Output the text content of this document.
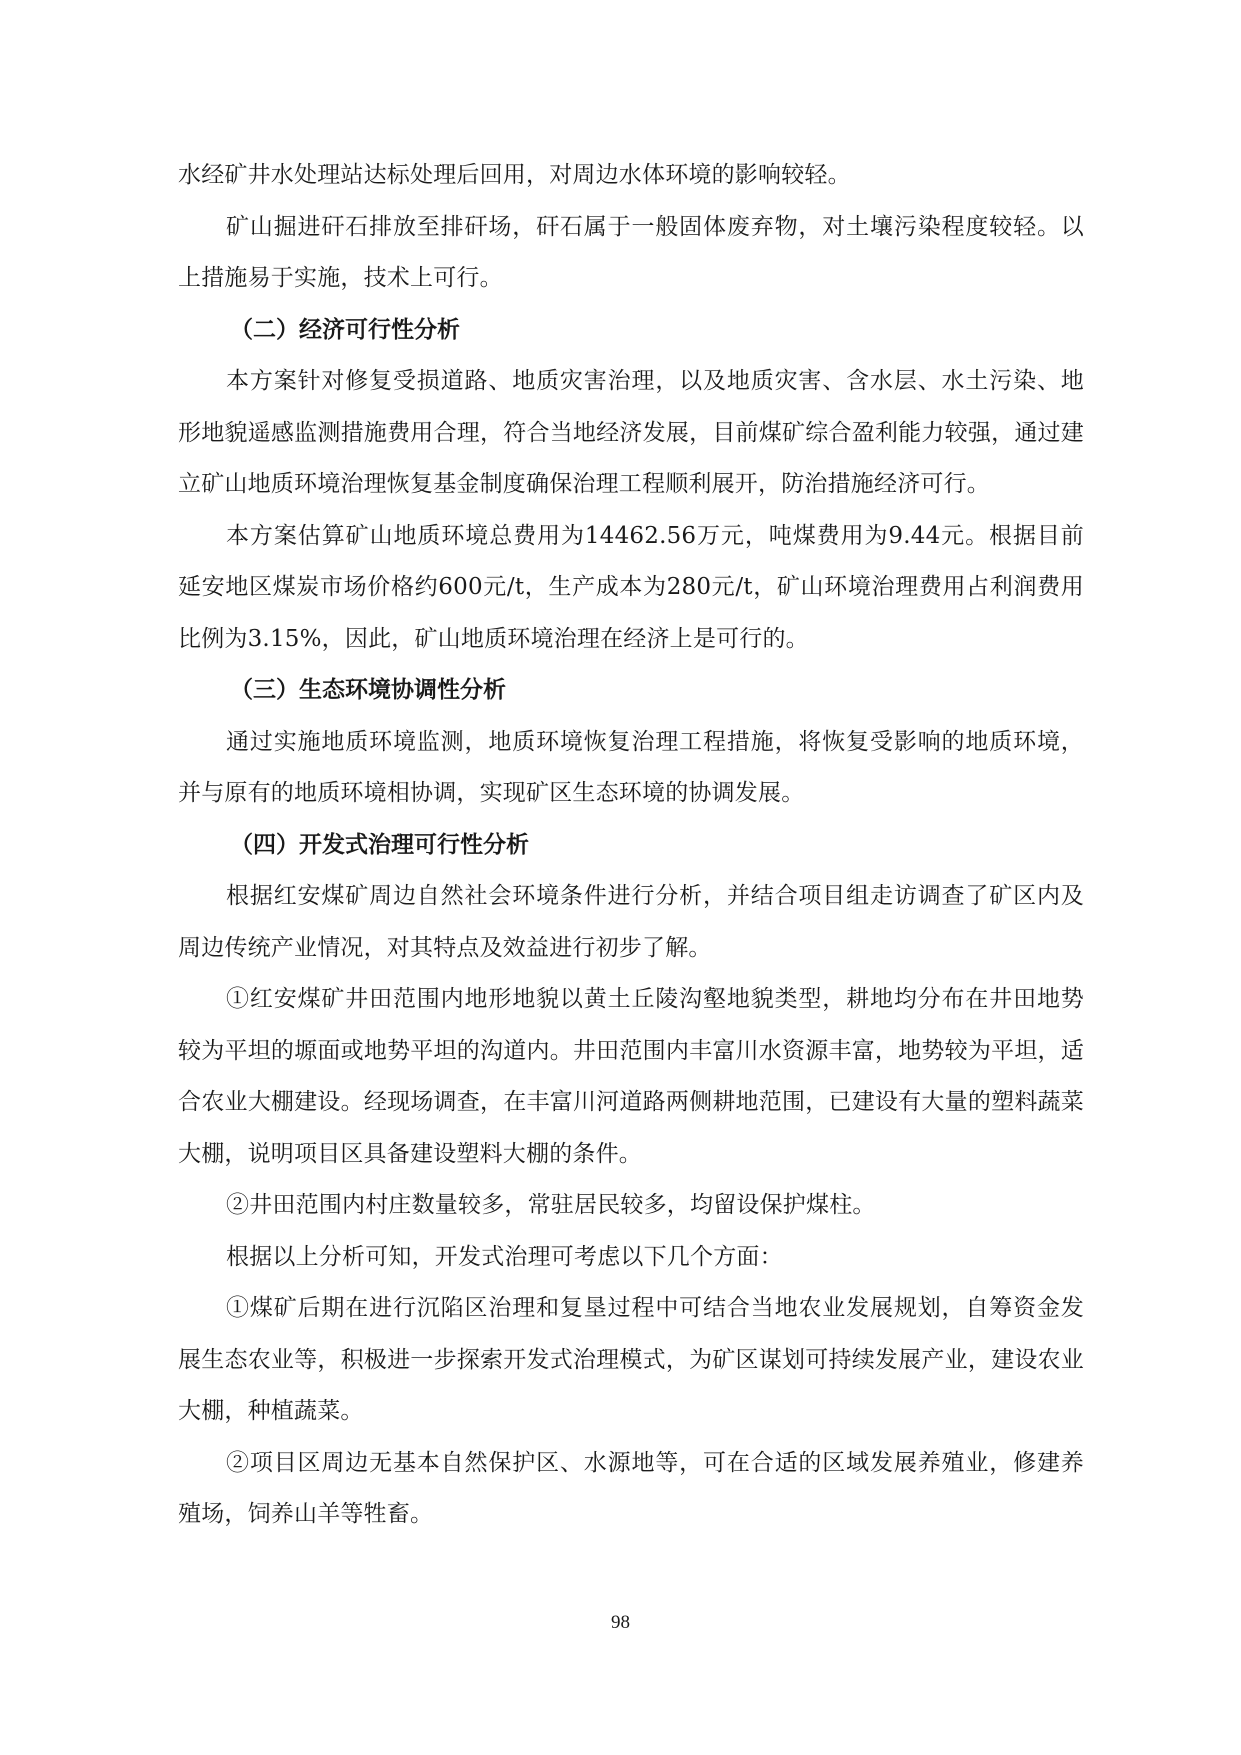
水经矿井水处理站达标处理后回用，对周边水体环境的影响较轻。

矿山掘进矸石排放至排矸场，矸石属于一般固体废弃物，对土壤污染程度较轻。以上措施易于实施，技术上可行。

（二）经济可行性分析

本方案针对修复受损道路、地质灾害治理，以及地质灾害、含水层、水土污染、地形地貌遥感监测措施费用合理，符合当地经济发展，目前煤矿综合盈利能力较强，通过建立矿山地质环境治理恢复基金制度确保治理工程顺利展开，防治措施经济可行。

本方案估算矿山地质环境总费用为14462.56万元，吨煤费用为9.44元。根据目前延安地区煤炭市场价格约600元/t，生产成本为280元/t，矿山环境治理费用占利润费用比例为3.15%，因此，矿山地质环境治理在经济上是可行的。

（三）生态环境协调性分析

通过实施地质环境监测，地质环境恢复治理工程措施，将恢复受影响的地质环境，并与原有的地质环境相协调，实现矿区生态环境的协调发展。

（四）开发式治理可行性分析

根据红安煤矿周边自然社会环境条件进行分析，并结合项目组走访调查了矿区内及周边传统产业情况，对其特点及效益进行初步了解。

①红安煤矿井田范围内地形地貌以黄土丘陵沟壑地貌类型，耕地均分布在井田地势较为平坦的塬面或地势平坦的沟道内。井田范围内丰富川水资源丰富，地势较为平坦，适合农业大棚建设。经现场调查，在丰富川河道路两侧耕地范围，已建设有大量的塑料蔬菜大棚，说明项目区具备建设塑料大棚的条件。

②井田范围内村庄数量较多，常驻居民较多，均留设保护煤柱。

根据以上分析可知，开发式治理可考虑以下几个方面：

①煤矿后期在进行沉陷区治理和复垦过程中可结合当地农业发展规划，自筹资金发展生态农业等，积极进一步探索开发式治理模式，为矿区谋划可持续发展产业，建设农业大棚，种植蔬菜。

②项目区周边无基本自然保护区、水源地等，可在合适的区域发展养殖业，修建养殖场，饲养山羊等牲畜。

98
